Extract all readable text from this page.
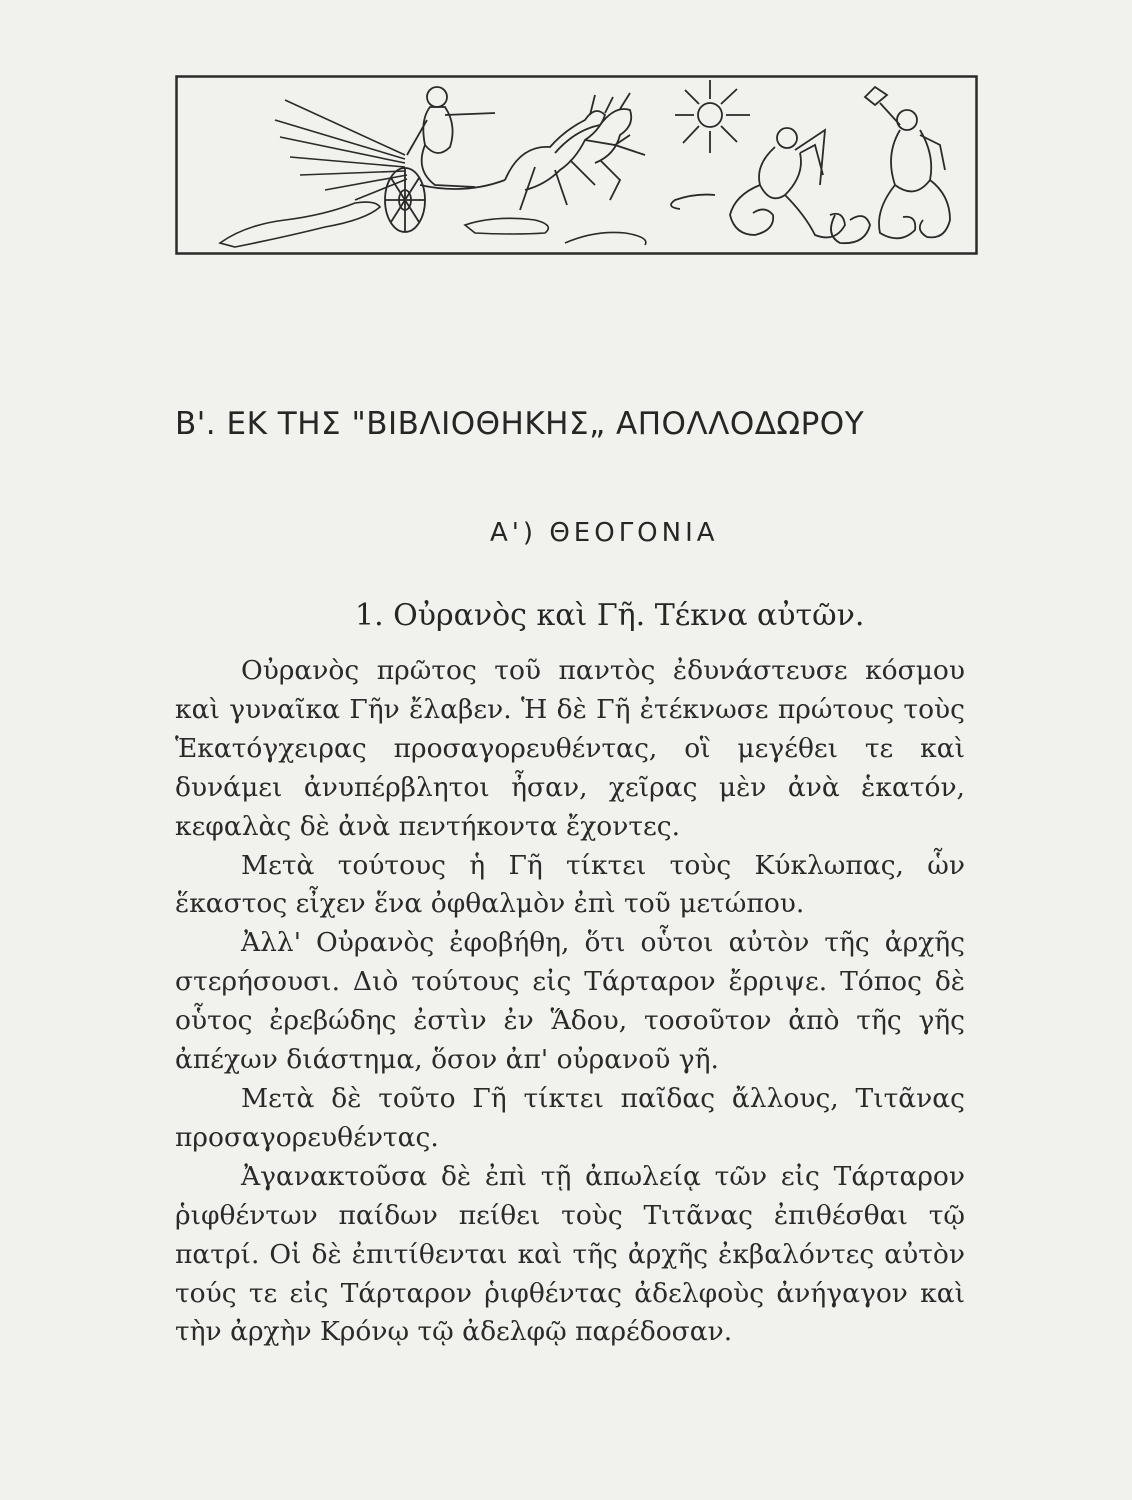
Β'. ΕΚ ΤΗΣ "ΒΙΒΛΙΟΘΗΚΗΣ„ ΑΠΟΛΛΟΔΩΡΟΥ
Α') ΘΕΟΓΟΝΙΑ
1. Οὐρανὸς καὶ Γῆ. Τέκνα αὐτῶν.

Οὐρανὸς πρῶτος τοῦ παντὸς ἐδυνάστευσε κόσμου καὶ γυναῖκα Γῆν ἔλαβεν. Ἡ δὲ Γῆ ἐτέκνωσε πρώτους τοὺς Ἑκατόγχειρας προσαγορευθέντας, οἳ μεγέθει τε καὶ δυνάμει ἀνυπέρβλητοι ἦσαν, χεῖρας μὲν ἀνὰ ἑκατόν, κεφαλὰς δὲ ἀνὰ πεντήκοντα ἔχοντες.

Μετὰ τούτους ἡ Γῆ τίκτει τοὺς Κύκλωπας, ὧν ἕκαστος εἶχεν ἕνα ὀφθαλμὸν ἐπὶ τοῦ μετώπου.

Ἀλλ' Οὐρανὸς ἐφοβήθη, ὅτι οὗτοι αὐτὸν τῆς ἀρχῆς στερήσουσι. Διὸ τούτους εἰς Τάρταρον ἔρριψε. Τόπος δὲ οὗτος ἐρεβώδης ἐστὶν ἐν Ἅδου, τοσοῦτον ἀπὸ τῆς γῆς ἀπέχων διάστημα, ὅσον ἀπ' οὐρανοῦ γῆ.

Μετὰ δὲ τοῦτο Γῆ τίκτει παῖδας ἄλλους, Τιτᾶνας προσαγορευθέντας.

Ἀγανακτοῦσα δὲ ἐπὶ τῇ ἀπωλείᾳ τῶν εἰς Τάρταρον ῥιφθέντων παίδων πείθει τοὺς Τιτᾶνας ἐπιθέσθαι τῷ πατρί. Οἱ δὲ ἐπιτίθενται καὶ τῆς ἀρχῆς ἐκβαλόντες αὐτὸν τούς τε εἰς Τάρταρον ῥιφθέντας ἀδελφοὺς ἀνήγαγον καὶ τὴν ἀρχὴν Κρόνῳ τῷ ἀδελφῷ παρέδοσαν.
